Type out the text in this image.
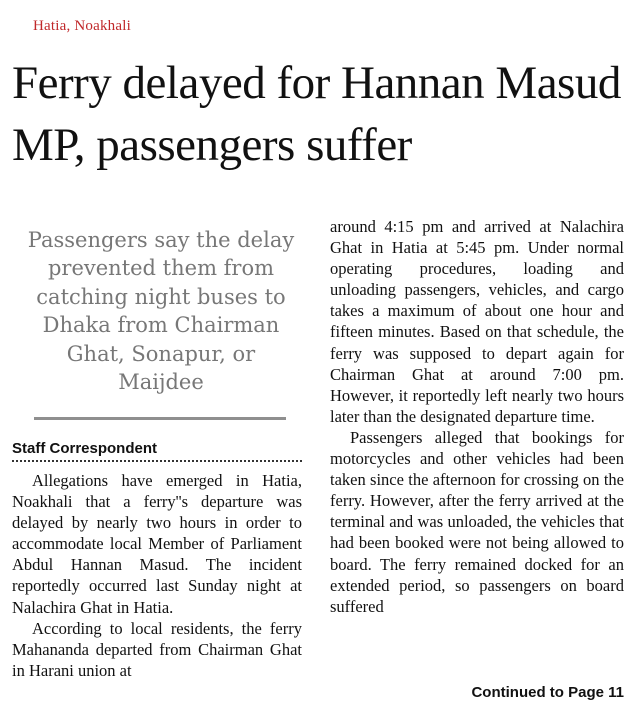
Hatia, Noakhali
Ferry delayed for Hannan Masud MP, passengers suffer

Passengers say the delay prevented them from catching night buses to Dhaka from Chairman Ghat, Sonapur, or Maijdee

Staff Correspondent

Allegations have emerged in Hatia, Noakhali that a ferry''s departure was delayed by nearly two hours in order to accommodate local Member of Parliament Abdul Hannan Masud. The incident reportedly occurred last Sunday night at Nalachira Ghat in Hatia.

According to local residents, the ferry Mahananda departed from Chairman Ghat in Harani union at

around 4:15 pm and arrived at Nalachira Ghat in Hatia at 5:45 pm. Under normal operating procedures, loading and unloading passengers, vehicles, and cargo takes a maximum of about one hour and fifteen minutes. Based on that schedule, the ferry was supposed to depart again for Chairman Ghat at around 7:00 pm. However, it reportedly left nearly two hours later than the designated departure time.

Passengers alleged that bookings for motorcycles and other vehicles had been taken since the afternoon for crossing on the ferry. However, after the ferry arrived at the terminal and was unloaded, the vehicles that had been booked were not being allowed to board. The ferry remained docked for an extended period, so passengers on board suffered

Continued to Page 11
